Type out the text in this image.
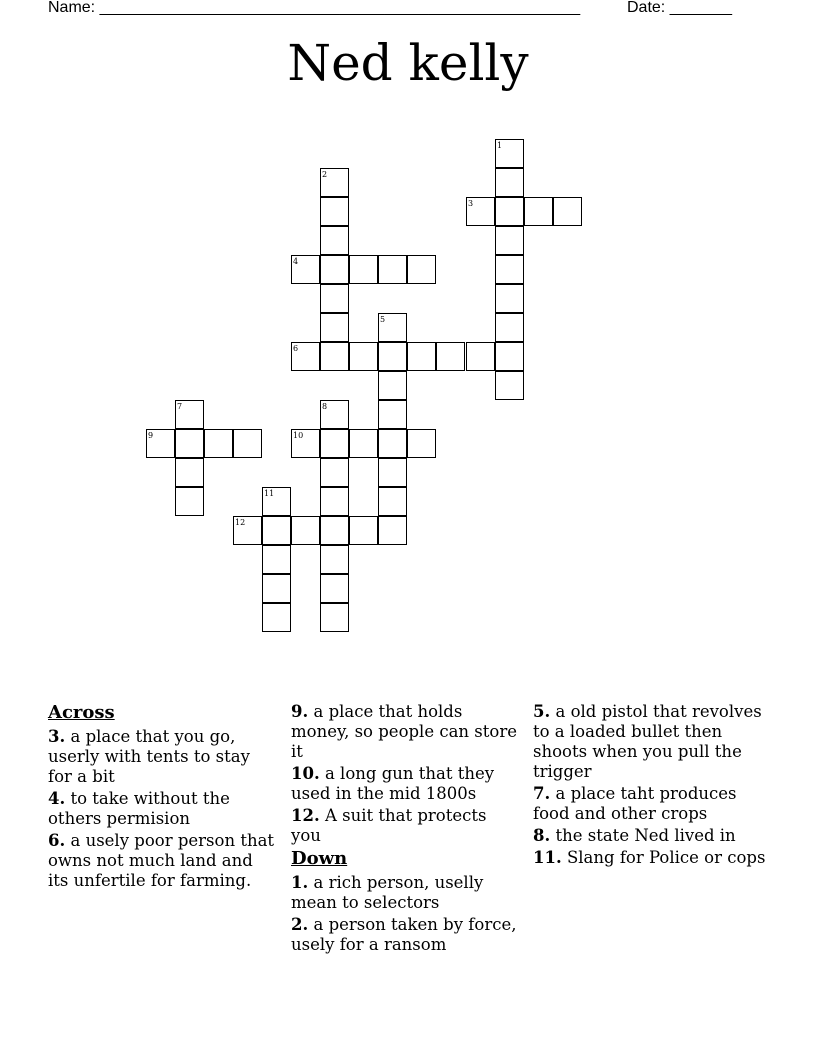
Name: ______________________________________________________	Date: _______
Ned kelly
1
2
3
4
5
6
7	8
9	10
11
12
Across
3. a place that you go, userly with tents to stay for a bit
4. to take without the others permision
6. a usely poor person that owns not much land and its unfertile for farming.
9. a place that holds money, so people can store it
10. a long gun that they used in the mid 1800s
12. A suit that protects you
Down
1. a rich person, uselly mean to selectors
2. a person taken by force, usely for a ransom
5. a old pistol that revolves to a loaded bullet then shoots when you pull the trigger
7. a place taht produces food and other crops
8. the state Ned lived in
11. Slang for Police or cops
